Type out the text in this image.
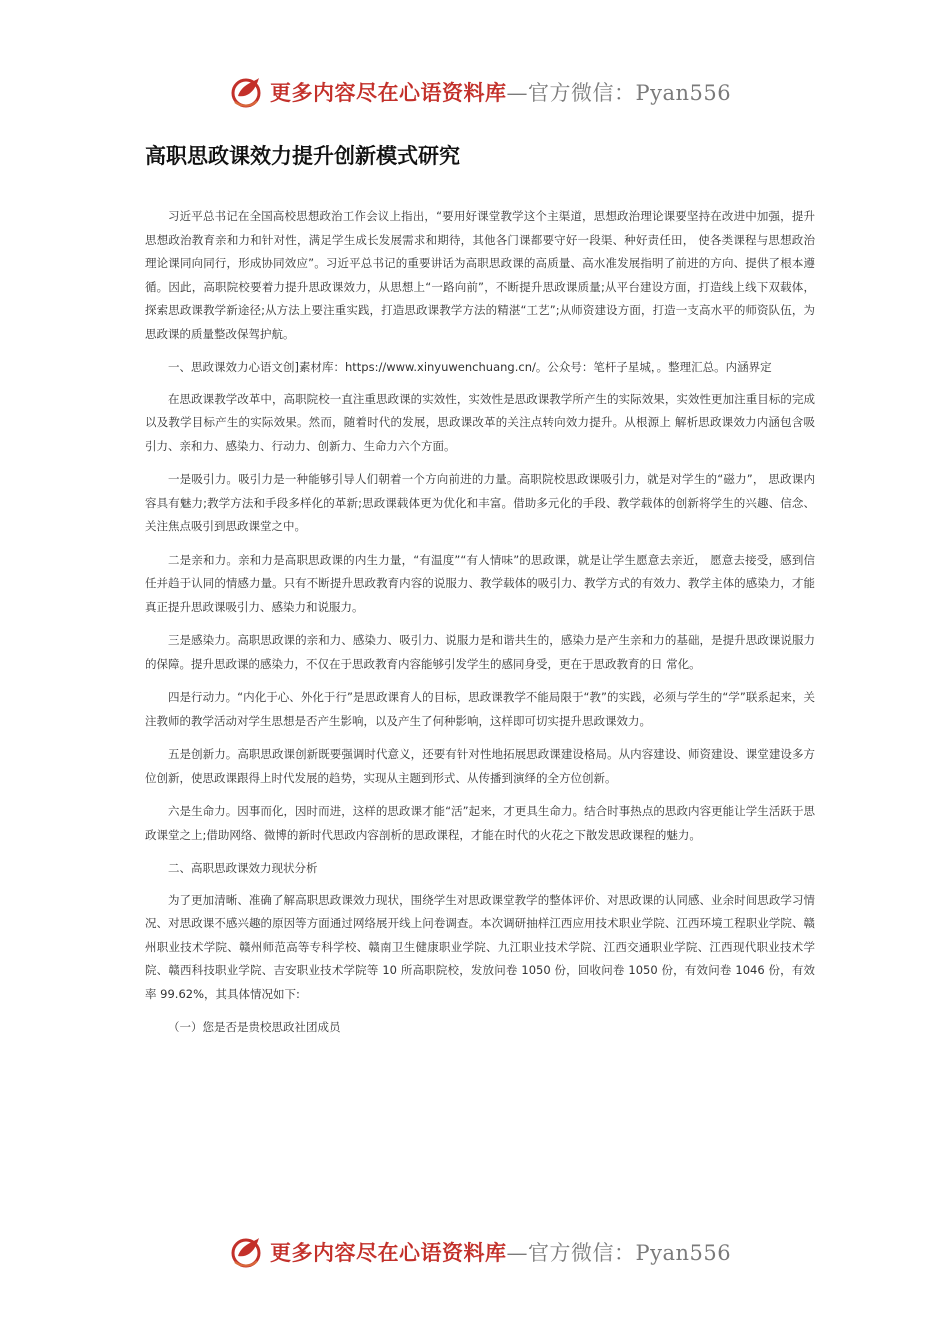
更多内容尽在心语资料库—官方微信：Pyan556
高职思政课效力提升创新模式研究

习近平总书记在全国高校思想政治工作会议上指出，“要用好课堂教学这个主渠道，思想政治理论课要坚持在改进中加强，提升思想政治教育亲和力和针对性，满足学生成长发展需求和期待，其他各门课都要守好一段渠、种好责任田， 使各类课程与思想政治理论课同向同行，形成协同效应”。习近平总书记的重要讲话为高职思政课的高质量、高水准发展指明了前进的方向、提供了根本遵循。因此，高职院校要着力提升思政课效力，从思想上“一路向前”，不断提升思政课质量;从平台建设方面，打造线上线下双载体，探索思政课教学新途径;从方法上要注重实践，打造思政课教学方法的精湛“工艺”;从师资建设方面，打造一支高水平的师资队伍，为思政课的质量整改保驾护航。

一、思政课效力心语文创]素材库：https://www.xinyuwenchuang.cn/。公众号：笔杆子星城，。整理汇总。内涵界定

在思政课教学改革中，高职院校一直注重思政课的实效性，实效性是思政课教学所产生的实际效果，实效性更加注重目标的完成以及教学目标产生的实际效果。然而，随着时代的发展，思政课改革的关注点转向效力提升。从根源上 解析思政课效力内涵包含吸引力、亲和力、感染力、行动力、创新力、生命力六个方面。

一是吸引力。吸引力是一种能够引导人们朝着一个方向前进的力量。高职院校思政课吸引力，就是对学生的“磁力”， 思政课内容具有魅力;教学方法和手段多样化的革新;思政课载体更为优化和丰富。借助多元化的手段、教学载体的创新将学生的兴趣、信念、关注焦点吸引到思政课堂之中。

二是亲和力。亲和力是高职思政课的内生力量，“有温度”“有人情味”的思政课，就是让学生愿意去亲近， 愿意去接受，感到信任并趋于认同的情感力量。只有不断提升思政教育内容的说服力、教学载体的吸引力、教学方式的有效力、教学主体的感染力，才能真正提升思政课吸引力、感染力和说服力。

三是感染力。高职思政课的亲和力、感染力、吸引力、说服力是和谐共生的，感染力是产生亲和力的基础，是提升思政课说服力的保障。提升思政课的感染力，不仅在于思政教育内容能够引发学生的感同身受，更在于思政教育的日 常化。

四是行动力。“内化于心、外化于行”是思政课育人的目标，思政课教学不能局限于“教”的实践，必须与学生的“学”联系起来，关注教师的教学活动对学生思想是否产生影响，以及产生了何种影响，这样即可切实提升思政课效力。

五是创新力。高职思政课创新既要强调时代意义，还要有针对性地拓展思政课建设格局。从内容建设、师资建设、课堂建设多方位创新，使思政课跟得上时代发展的趋势，实现从主题到形式、从传播到演绎的全方位创新。

六是生命力。因事而化，因时而进，这样的思政课才能“活”起来，才更具生命力。结合时事热点的思政内容更能让学生活跃于思政课堂之上;借助网络、微博的新时代思政内容剖析的思政课程，才能在时代的火花之下散发思政课程的魅力。

二、高职思政课效力现状分析

为了更加清晰、准确了解高职思政课效力现状，围绕学生对思政课堂教学的整体评价、对思政课的认同感、业余时间思政学习情况、对思政课不感兴趣的原因等方面通过网络展开线上问卷调查。本次调研抽样江西应用技术职业学院、江西环境工程职业学院、赣州职业技术学院、赣州师范高等专科学校、赣南卫生健康职业学院、九江职业技术学院、江西交通职业学院、江西现代职业技术学院、赣西科技职业学院、吉安职业技术学院等 10 所高职院校，发放问卷 1050 份，回收问卷 1050 份，有效问卷 1046 份，有效率 99.62%，其具体情况如下:

（一）您是否是贵校思政社团成员

更多内容尽在心语资料库—官方微信：Pyan556
